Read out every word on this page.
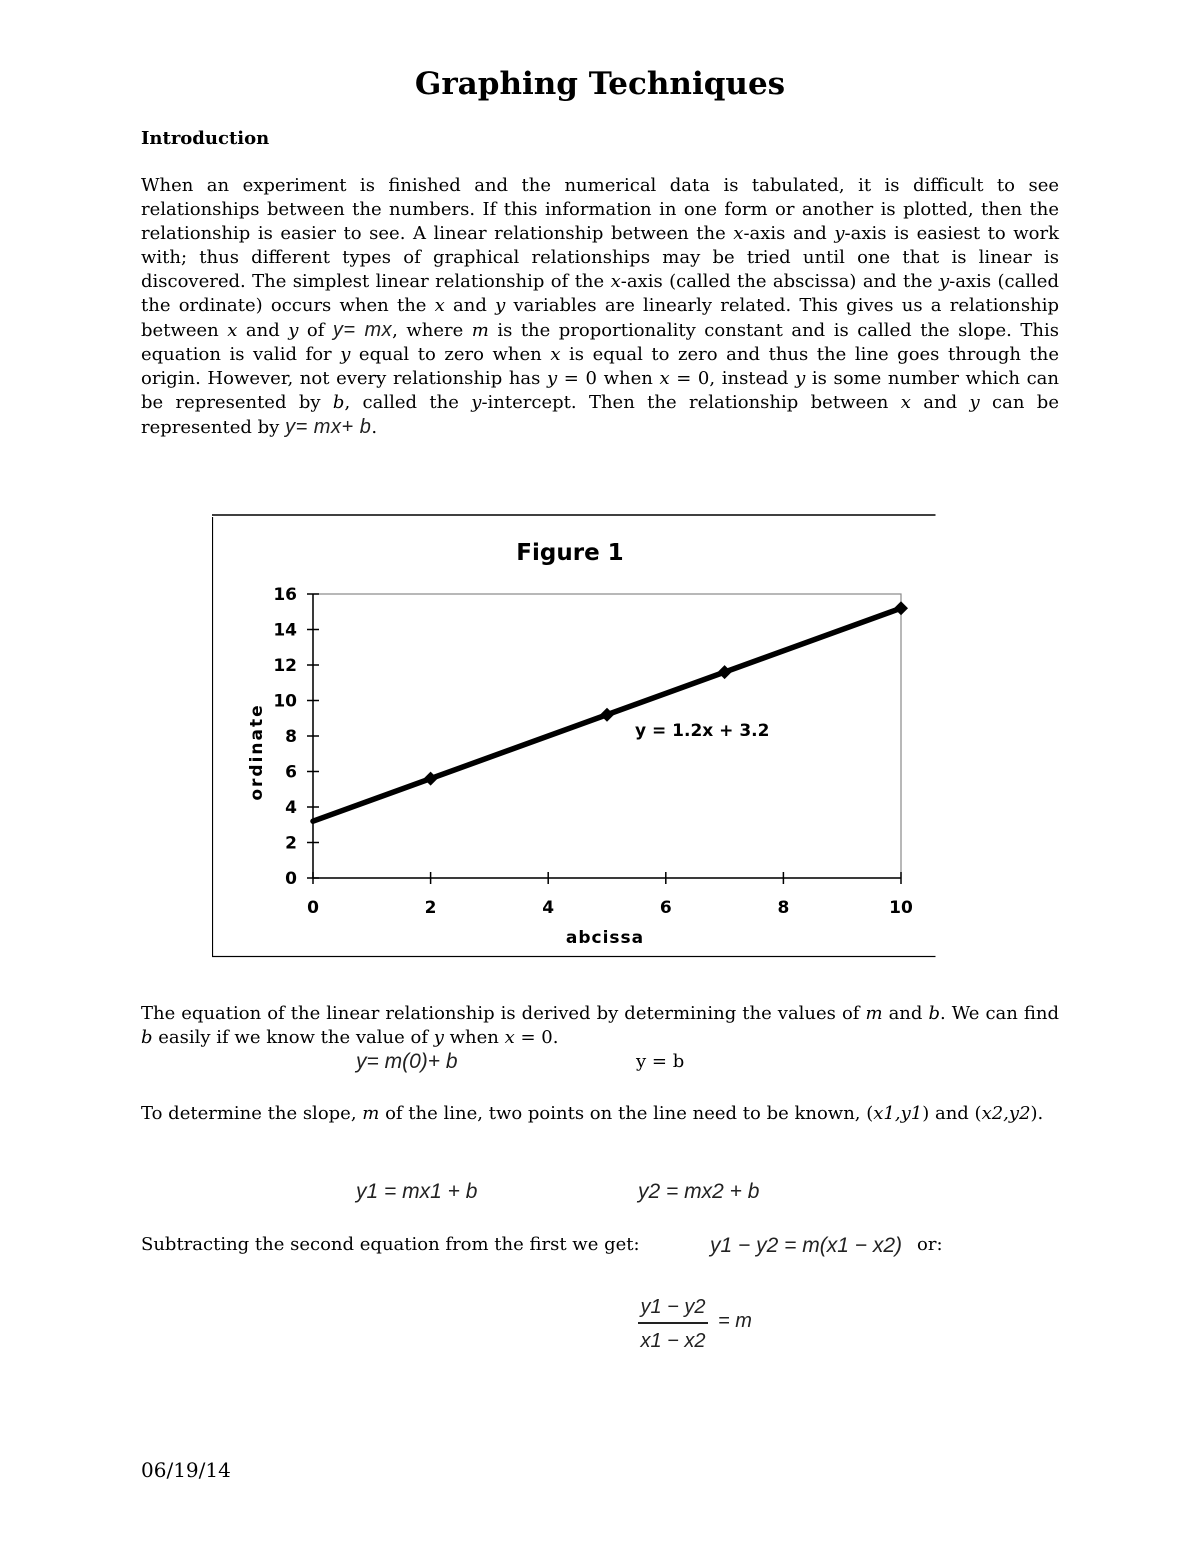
Graphing Techniques
Introduction

When an experiment is finished and the numerical data is tabulated, it is difficult to see relationships between the numbers. If this information in one form or another is plotted, then the relationship is easier to see. A linear relationship between the x-axis and y-axis is easiest to work with; thus different types of graphical relationships may be tried until one that is linear is discovered. The simplest linear relationship of the x-axis (called the abscissa) and the y-axis (called the ordinate) occurs when the x and y variables are linearly related. This gives us a relationship between x and y of y= mx, where m is the proportionality constant and is called the slope. This equation is valid for y equal to zero when x is equal to zero and thus the line goes through the origin. However, not every relationship has y = 0 when x = 0, instead y is some number which can be represented by b, called the y-intercept. Then the relationship between x and y can be represented by y= mx+ b.

Figure 1
0	2	4	6	8	10
0
2
4
6
8
10
12
14
16
y = 1.2x + 3.2
abcissa
ordinate

The equation of the linear relationship is derived by determining the values of m and b. We can find b easily if we know the value of y when x = 0.

y= m(0)+ b	y = b

To determine the slope, m of the line, two points on the line need to be known, (x1,y1) and (x2,y2).

y1 = mx1 + b	y2 = mx2 + b
Subtracting the second equation from the first we get:	y1 − y2 = m(x1 − x2) or:
y1 − y2
x1 − x2
= m

06/19/14
